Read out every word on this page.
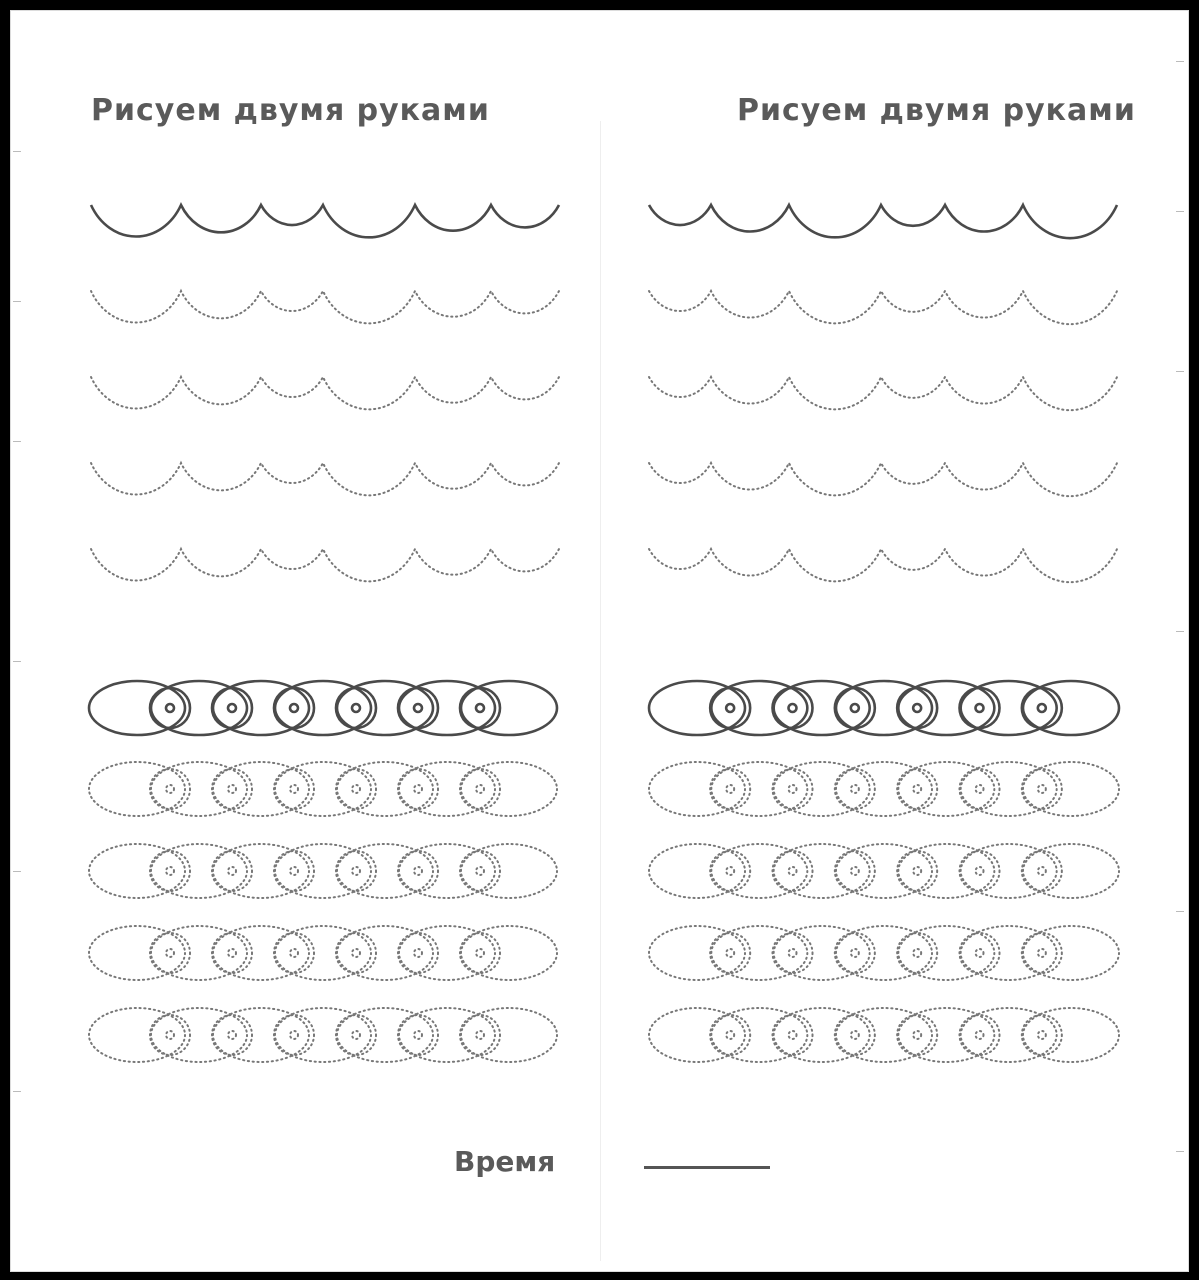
Рисуем двумя руками	Рисуем двумя руками
Время
